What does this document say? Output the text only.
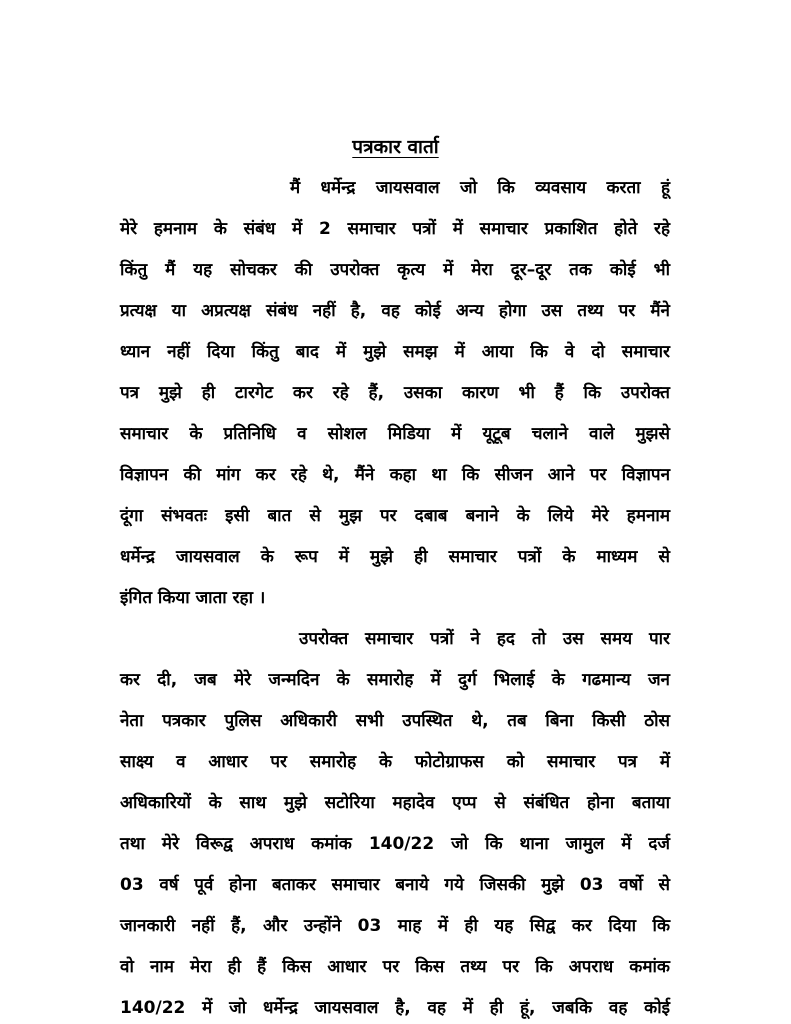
पत्रकार वार्ता
मैं धर्मेन्द्र जायसवाल जो कि व्यवसाय करता हूं
मेरे हमनाम के संबंध में 2 समाचार पत्रों में समाचार प्रकाशित होते रहे
किंतु मैं यह सोचकर की उपरोक्त कृत्य में मेरा दूर–दूर तक कोई भी
प्रत्यक्ष या अप्रत्यक्ष संबंध नहीं है, वह कोई अन्य होगा उस तथ्य पर मैंने
ध्यान नहीं दिया किंतु बाद में मुझे समझ में आया कि वे दो समाचार
पत्र मुझे ही टारगेट कर रहे हैं, उसका कारण भी हैं कि उपरोक्त
समाचार के प्रतिनिधि व सोशल मिडिया में यूटूब चलाने वाले मुझसे
विज्ञापन की मांग कर रहे थे, मैंने कहा था कि सीजन आने पर विज्ञापन
दूंगा संभवतः इसी बात से मुझ पर दबाब बनाने के लिये मेरे हमनाम
धर्मेन्द्र जायसवाल के रूप में मुझे ही समाचार पत्रों के माध्यम से
इंगित किया जाता रहा ।
उपरोक्त समाचार पत्रों ने हद तो उस समय पार
कर दी, जब मेरे जन्मदिन के समारोह में दुर्ग भिलाई के गढमान्य जन
नेता पत्रकार पुलिस अधिकारी सभी उपस्थित थे, तब बिना किसी ठोस
साक्ष्य व आधार पर समारोह के फोटोग्राफस को समाचार पत्र में
अधिकारियों के साथ मुझे सटोरिया महादेव एप्प से संबंधित होना बताया
तथा मेरे विरूद्व अपराध कमांक 140/22 जो कि थाना जामुल में दर्ज
03 वर्ष पूर्व होना बताकर समाचार बनाये गये जिसकी मुझे 03 वर्षो से
जानकारी नहीं हैं, और उन्होंने 03 माह में ही यह सिद्व कर दिया कि
वो नाम मेरा ही हैं किस आधार पर किस तथ्य पर कि अपराध कमांक
140/22 में जो धर्मेन्द्र जायसवाल है, वह में ही हूं, जबकि वह कोई
